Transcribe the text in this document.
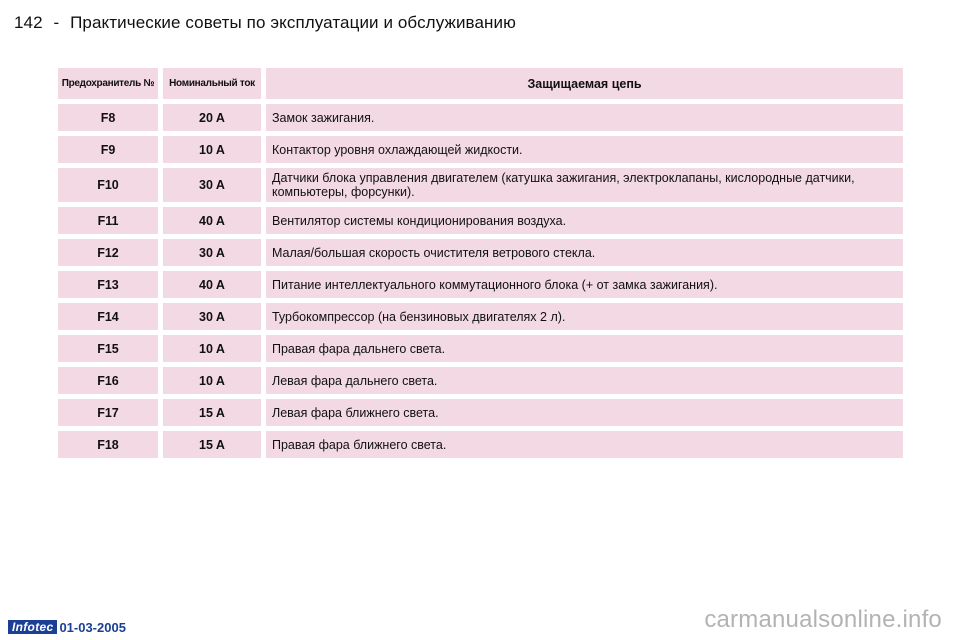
142 - Практические советы по эксплуатации и обслуживанию
Предохранитель №	Номинальный ток	Защищаемая цепь
F8	20 A	Замок зажигания.
F9	10 A	Контактор уровня охлаждающей жидкости.
F10	30 A	Датчики блока управления двигателем (катушка зажигания, электроклапаны, кислородные датчики, компьютеры, форсунки).
F11	40 A	Вентилятор системы кондиционирования воздуха.
F12	30 A	Малая/большая скорость очистителя ветрового стекла.
F13	40 A	Питание интеллектуального коммутационного блока (+ от замка зажигания).
F14	30 A	Турбокомпрессор (на бензиновых двигателях 2 л).
F15	10 A	Правая фара дальнего света.
F16	10 A	Левая фара дальнего света.
F17	15 A	Левая фара ближнего света.
F18	15 A	Правая фара ближнего света.
Infotec 01-03-2005	carmanualsonline.info
